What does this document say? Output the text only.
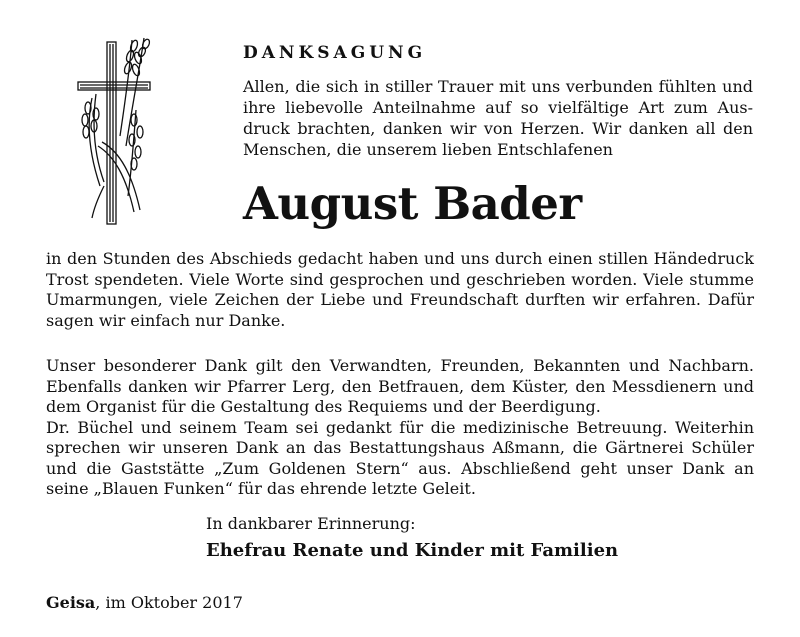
DANKSAGUNG
Allen, die sich in stiller Trauer mit uns verbunden fühlten und
ihre liebevolle Anteilnahme auf so vielfältige Art zum Aus-
druck brachten, danken wir von Herzen. Wir danken all den
Menschen, die unserem lieben Entschlafenen
August Bader
in den Stunden des Abschieds gedacht haben und uns durch einen stillen Händedruck
Trost spendeten. Viele Worte sind gesprochen und geschrieben worden. Viele stumme
Umarmungen, viele Zeichen der Liebe und Freundschaft durften wir erfahren. Dafür
sagen wir einfach nur Danke.
Unser besonderer Dank gilt den Verwandten, Freunden, Bekannten und Nachbarn.
Ebenfalls danken wir Pfarrer Lerg, den Betfrauen, dem Küster, den Messdienern und
dem Organist für die Gestaltung des Requiems und der Beerdigung.
Dr. Büchel und seinem Team sei gedankt für die medizinische Betreuung. Weiterhin
sprechen wir unseren Dank an das Bestattungshaus Aßmann, die Gärtnerei Schüler
und die Gaststätte „Zum Goldenen Stern“ aus. Abschließend geht unser Dank an
seine „Blauen Funken“ für das ehrende letzte Geleit.
In dankbarer Erinnerung:
Ehefrau Renate und Kinder mit Familien
Geisa, im Oktober 2017
